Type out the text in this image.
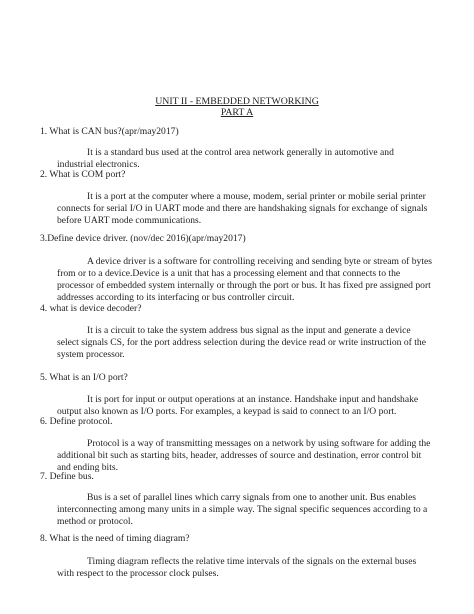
UNIT II - EMBEDDED NETWORKING
PART A
1. What is CAN bus?(apr/may2017)
It is a standard bus used at the control area network generally in automotive and
industrial electronics.
2. What is COM port?
It is a port at the computer where a mouse, modem, serial printer or mobile serial printer
connects for serial I/O in UART mode and there are handshaking signals for exchange of signals
before UART mode communications.
3.Define device driver. (nov/dec 2016)(apr/may2017)
A device driver is a software for controlling receiving and sending byte or stream of bytes
from or to a device.Device is a unit that has a processing element and that connects to the
processor of embedded system internally or through the port or bus. It has fixed pre assigned port
addresses according to its interfacing or bus controller circuit.
4. what is device decoder?
It is a circuit to take the system address bus signal as the input and generate a device
select signals CS, for the port address selection during the device read or write instruction of the
system processor.
5. What is an I/O port?
It is port for input or output operations at an instance. Handshake input and handshake
output also known as I/O ports. For examples, a keypad is said to connect to an I/O port.
6. Define protocol.
Protocol is a way of transmitting messages on a network by using software for adding the
additional bit such as starting bits, header, addresses of source and destination, error control bit
and ending bits.
7. Define bus.
Bus is a set of parallel lines which carry signals from one to another unit. Bus enables
interconnecting among many units in a simple way. The signal specific sequences according to a
method or protocol.
8. What is the need of timing diagram?
Timing diagram reflects the relative time intervals of the signals on the external buses
with respect to the processor clock pulses.
